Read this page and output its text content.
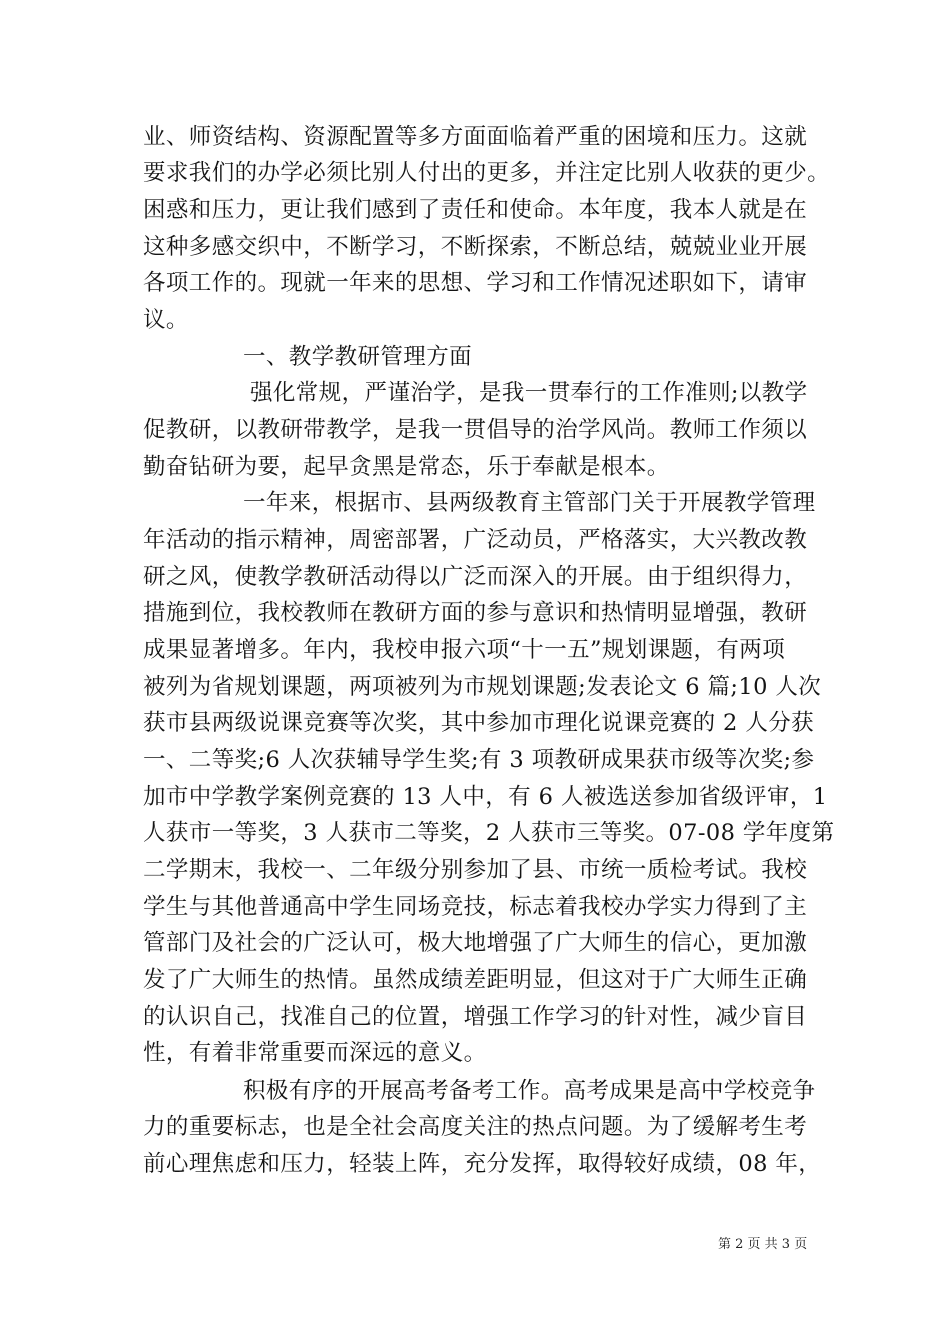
业、师资结构、资源配置等多方面面临着严重的困境和压力。这就
要求我们的办学必须比别人付出的更多，并注定比别人收获的更少。
困惑和压力，更让我们感到了责任和使命。本年度，我本人就是在
这种多感交织中，不断学习，不断探索，不断总结，兢兢业业开展
各项工作的。现就一年来的思想、学习和工作情况述职如下，请审
议。
一、教学教研管理方面
强化常规，严谨治学，是我一贯奉行的工作准则;以教学
促教研，以教研带教学，是我一贯倡导的治学风尚。教师工作须以
勤奋钻研为要，起早贪黑是常态，乐于奉献是根本。
一年来，根据市、县两级教育主管部门关于开展教学管理
年活动的指示精神，周密部署，广泛动员，严格落实，大兴教改教
研之风，使教学教研活动得以广泛而深入的开展。由于组织得力，
措施到位，我校教师在教研方面的参与意识和热情明显增强，教研
成果显著增多。年内，我校申报六项“十一五”规划课题，有两项
被列为省规划课题，两项被列为市规划课题;发表论文 6 篇;10 人次
获市县两级说课竞赛等次奖，其中参加市理化说课竞赛的 2 人分获
一、二等奖;6 人次获辅导学生奖;有 3 项教研成果获市级等次奖;参
加市中学教学案例竞赛的 13 人中，有 6 人被选送参加省级评审，1
人获市一等奖，3 人获市二等奖，2 人获市三等奖。07-08 学年度第
二学期末，我校一、二年级分别参加了县、市统一质检考试。我校
学生与其他普通高中学生同场竞技，标志着我校办学实力得到了主
管部门及社会的广泛认可，极大地增强了广大师生的信心，更加激
发了广大师生的热情。虽然成绩差距明显，但这对于广大师生正确
的认识自己，找准自己的位置，增强工作学习的针对性，减少盲目
性，有着非常重要而深远的意义。
积极有序的开展高考备考工作。高考成果是高中学校竞争
力的重要标志，也是全社会高度关注的热点问题。为了缓解考生考
前心理焦虑和压力，轻装上阵，充分发挥，取得较好成绩，08 年，
第 2 页 共 3 页
